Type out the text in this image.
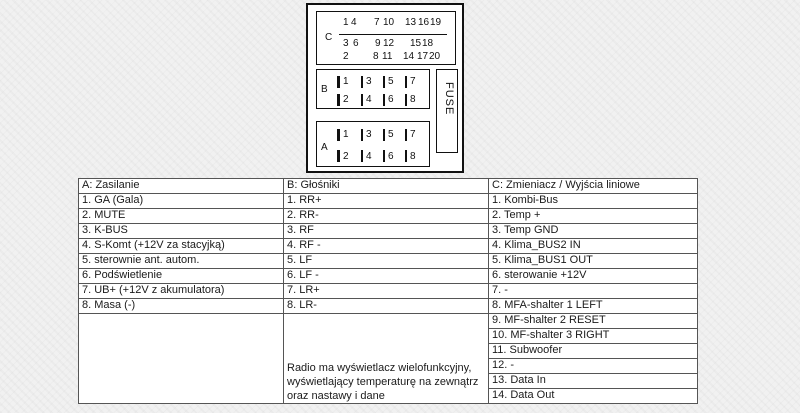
C
1 4 7 10 13 16 19
3 6 9 12 15 18
2 8 11 14 17 20
B
1 3 5 7
2 4 6 8
A
1 3 5 7
2 4 6 8
FUSE
A: Zasilanie	B: Głośniki	C: Zmieniacz / Wyjścia liniowe
1. GA (Gala)	1. RR+	1. Kombi-Bus
2. MUTE	2. RR-	2. Temp +
3. K-BUS	3. RF	3. Temp GND
4. S-Komt (+12V za stacyjką)	4. RF -	4. Klima_BUS2 IN
5. sterownie ant. autom.	5. LF	5. Klima_BUS1 OUT
6. Podświetlenie	6. LF -	6. sterowanie +12V
7. UB+ (+12V z akumulatora)	7. LR+	7. -
8. Masa (-)	8. LR-	8. MFA-shalter 1 LEFT
	Radio ma wyświetlacz wielofunkcyjny, wyświetlający temperaturę na zewnątrz oraz nastawy i dane	9. MF-shalter 2 RESET
		10. MF-shalter 3 RIGHT
		11. Subwoofer
		12. -
		13. Data In
		14. Data Out
